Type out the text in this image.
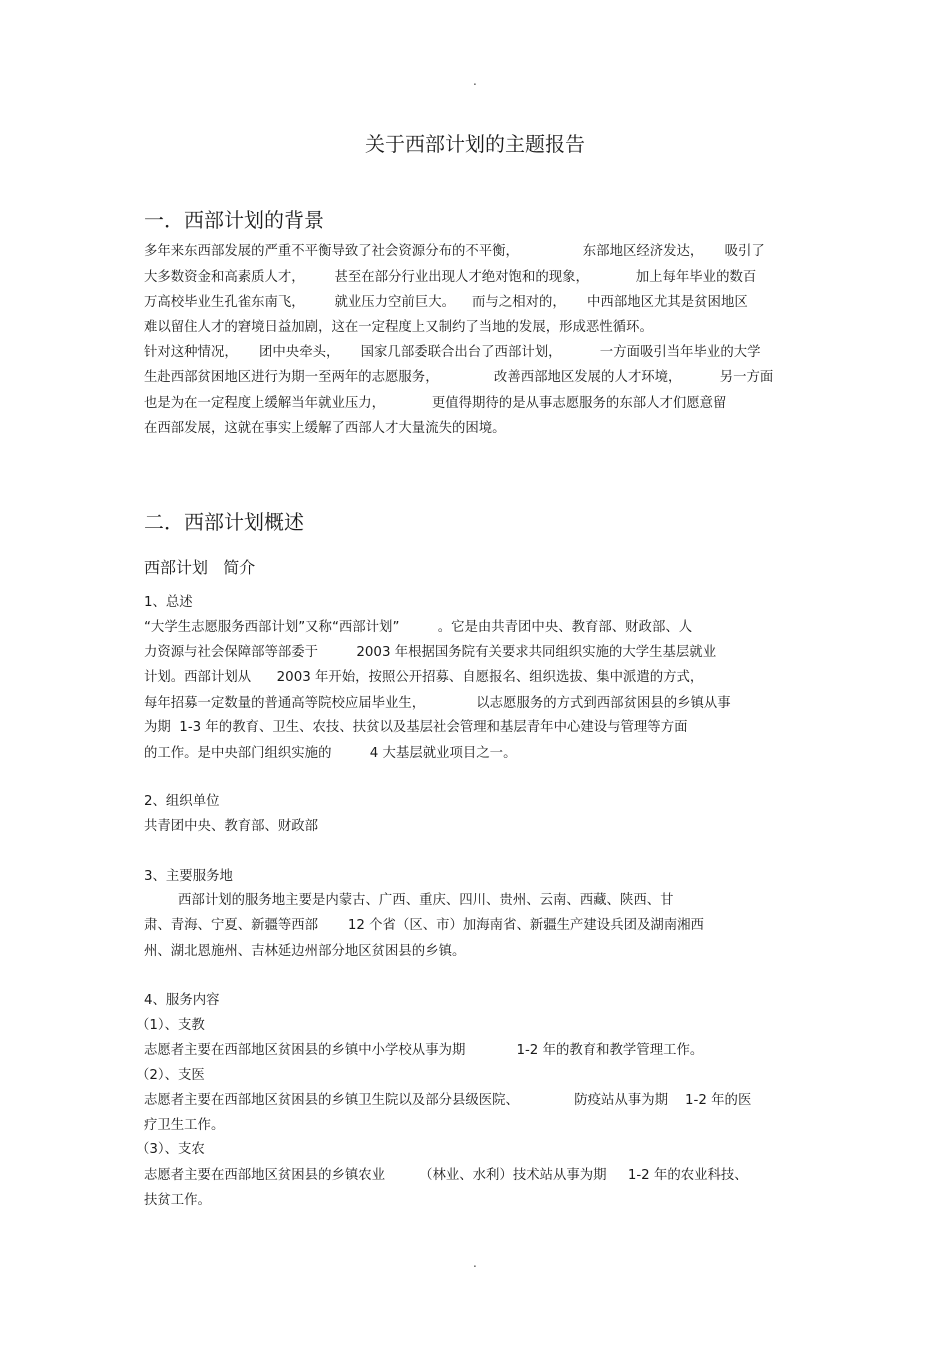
.
关于西部计划的主题报告
一．西部计划的背景
多年来东西部发展的严重不平衡导致了社会资源分布的不平衡，               东部地区经济发达，     吸引了
大多数资金和高素质人才，       甚至在部分行业出现人才绝对饱和的现象，           加上每年毕业的数百
万高校毕业生孔雀东南飞，       就业压力空前巨大。    而与之相对的，     中西部地区尤其是贫困地区
难以留住人才的窘境日益加剧，这在一定程度上又制约了当地的发展，形成恶性循环。
针对这种情况，     团中央牵头，     国家几部委联合出台了西部计划，         一方面吸引当年毕业的大学
生赴西部贫困地区进行为期一至两年的志愿服务，             改善西部地区发展的人才环境，         另一方面
也是为在一定程度上缓解当年就业压力，           更值得期待的是从事志愿服务的东部人才们愿意留
在西部发展，这就在事实上缓解了西部人才大量流失的困境。
二．西部计划概述
西部计划   简介
1、总述
“大学生志愿服务西部计划”又称“西部计划”         。它是由共青团中央、教育部、财政部、人
力资源与社会保障部等部委于         2003 年根据国务院有关要求共同组织实施的大学生基层就业
计划。西部计划从      2003 年开始，按照公开招募、自愿报名、组织选拔、集中派遣的方式，
每年招募一定数量的普通高等院校应届毕业生，            以志愿服务的方式到西部贫困县的乡镇从事
为期  1-3 年的教育、卫生、农技、扶贫以及基层社会管理和基层青年中心建设与管理等方面
的工作。是中央部门组织实施的         4 大基层就业项目之一。
2、组织单位
共青团中央、教育部、财政部
3、主要服务地
西部计划的服务地主要是内蒙古、广西、重庆、四川、贵州、云南、西藏、陕西、甘
肃、青海、宁夏、新疆等西部       12 个省（区、市）加海南省、新疆生产建设兵团及湖南湘西
州、湖北恩施州、吉林延边州部分地区贫困县的乡镇。
4、服务内容
（1）、支教
志愿者主要在西部地区贫困县的乡镇中小学校从事为期            1-2 年的教育和教学管理工作。
（2）、支医
志愿者主要在西部地区贫困县的乡镇卫生院以及部分县级医院、             防疫站从事为期    1-2 年的医
疗卫生工作。
（3）、支农
志愿者主要在西部地区贫困县的乡镇农业        （林业、水利）技术站从事为期     1-2 年的农业科技、
扶贫工作。
.
